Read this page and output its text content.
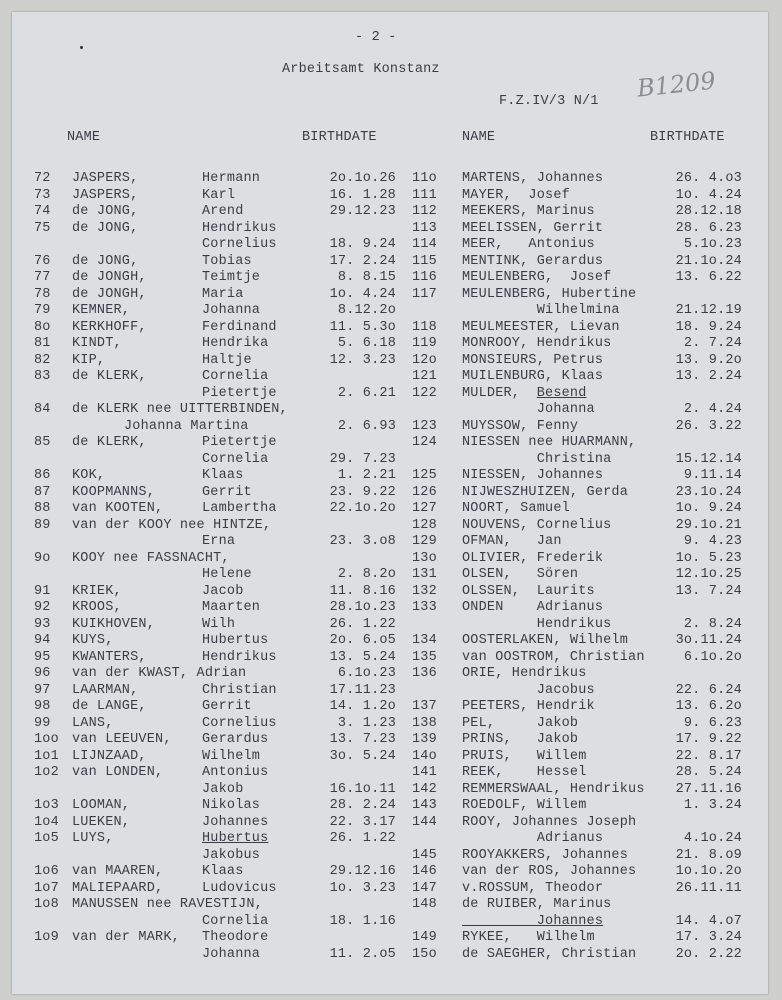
- 2 -
Arbeitsamt Konstanz
F.Z.IV/3 N/1 B1209
NAME	BIRTHDATE	NAME	BIRTHDATE
72 JASPERS,	Hermann	2o.1o.26
73 JASPERS,	Karl	16. 1.28
74 de JONG,	Arend	29.12.23
75 de JONG,	Hendrikus
Cornelius	18. 9.24
76 de JONG,	Tobias	17. 2.24
77 de JONGH,	Teimtje	8. 8.15
78 de JONGH,	Maria	1o. 4.24
79 KEMNER,	Johanna	8.12.2o
8o KERKHOFF,	Ferdinand	11. 5.3o
81 KINDT,	Hendrika	5. 6.18
82 KIP,	Haltje	12. 3.23
83 de KLERK,	Cornelia
Pietertje	2. 6.21
84 de KLERK nee UITTERBINDEN,
Johanna Martina	2. 6.93
85 de KLERK,	Pietertje
Cornelia	29. 7.23
86 KOK,	Klaas	1. 2.21
87 KOOPMANNS,	Gerrit	23. 9.22
88 van KOOTEN,	Lambertha	22.1o.2o
89 van der KOOY nee HINTZE,
Erna	23. 3.o8
9o KOOY nee FASSNACHT,
Helene	2. 8.2o
91 KRIEK,	Jacob	11. 8.16
92 KROOS,	Maarten	28.1o.23
93 KUIKHOVEN,	Wilh	26. 1.22
94 KUYS,	Hubertus	2o. 6.o5
95 KWANTERS,	Hendrikus	13. 5.24
96 van der KWAST, Adrian	6.1o.23
97 LAARMAN,	Christian	17.11.23
98 de LANGE,	Gerrit	14. 1.2o
99 LANS,	Cornelius	3. 1.23
1oo van LEEUVEN, Gerardus	13. 7.23
1o1 LIJNZAAD,	Wilhelm	3o. 5.24
1o2 van LONDEN,	Antonius
Jakob	16.1o.11
1o3 LOOMAN,	Nikolas	28. 2.24
1o4 LUEKEN,	Johannes	22. 3.17
1o5 LUYS,	Hubertus	26. 1.22
Jakobus
1o6 van MAAREN,	Klaas	29.12.16
1o7 MALIEPAARD,	Ludovicus	1o. 3.23
1o8 MANUSSEN nee RAVESTIJN,
Cornelia	18. 1.16
1o9 van der MARK, Theodore
Johanna	11. 2.o5
11o MARTENS, Johannes	26. 4.o3
111 MAYER,  Josef	1o. 4.24
112 MEEKERS, Marinus	28.12.18
113 MEELISSEN, Gerrit	28. 6.23
114 MEER,   Antonius	5.1o.23
115 MENTINK, Gerardus	21.1o.24
116 MEULENBERG,  Josef	13. 6.22
117 MEULENBERG, Hubertine
Wilhelmina	21.12.19
118 MEULMEESTER, Lievan	18. 9.24
119 MONROOY, Hendrikus	2. 7.24
12o MONSIEURS, Petrus	13. 9.2o
121 MUILENBURG, Klaas	13. 2.24
122 MULDER,  Besend
Johanna	2. 4.24
123 MUYSSOW, Fenny	26. 3.22
124 NIESSEN nee HUARMANN,
Christina	15.12.14
125 NIESSEN, Johannes	9.11.14
126 NIJWESZHUIZEN, Gerda	23.1o.24
127 NOORT, Samuel	1o. 9.24
128 NOUVENS, Cornelius	29.1o.21
129 OFMAN,   Jan	9. 4.23
13o OLIVIER, Frederik	1o. 5.23
131 OLSEN,   Sören	12.1o.25
132 OLSSEN,  Laurits	13. 7.24
133 ONDEN    Adrianus
Hendrikus	2. 8.24
134 OOSTERLAKEN, Wilhelm	3o.11.24
135 van OOSTROM, Christian	6.1o.2o
136 ORIE, Hendrikus
Jacobus	22. 6.24
137 PEETERS, Hendrik	13. 6.2o
138 PEL,     Jakob	9. 6.23
139 PRINS,   Jakob	17. 9.22
14o PRUIS,   Willem	22. 8.17
141 REEK,    Hessel	28. 5.24
142 REMMERSWAAL, Hendrikus 27.11.16
143 ROEDOLF, Willem	1. 3.24
144 ROOY, Johannes Joseph
Adrianus	4.1o.24
145 ROOYAKKERS, Johannes	21. 8.o9
146 van der ROS, Johannes	1o.1o.2o
147 v.ROSSUM, Theodor	26.11.11
148 de RUIBER, Marinus
Johannes	14. 4.o7
149 RYKEE,   Wilhelm	17. 3.24
15o de SAEGHER, Christian	2o. 2.22
